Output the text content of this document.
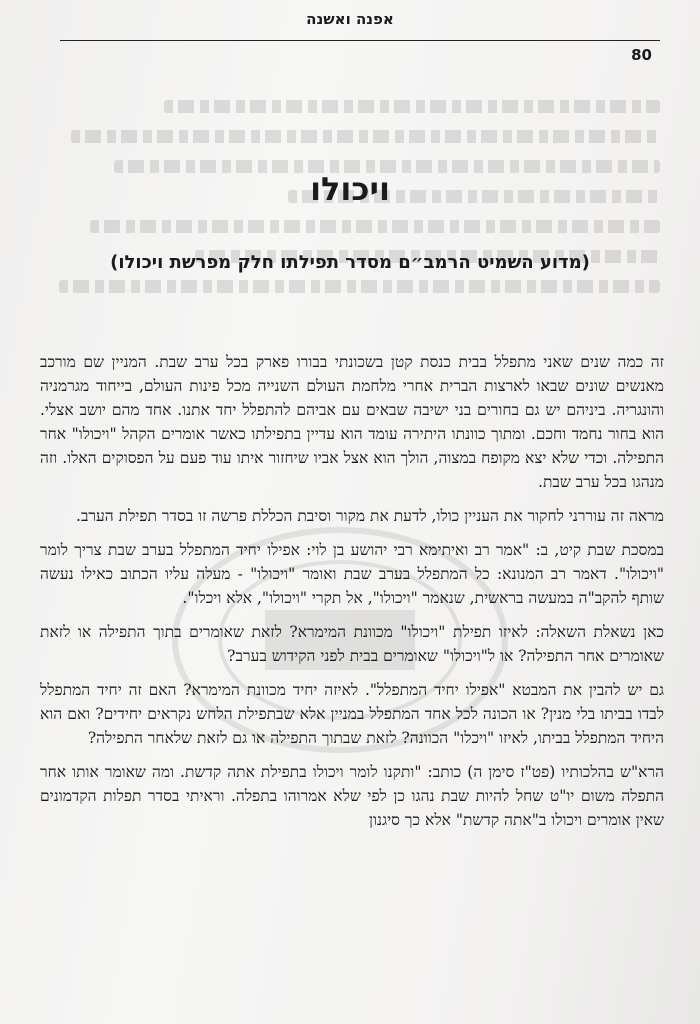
אפנה ואשנה
80
ויכולו
(מדוע השמיט הרמב״ם מסדר תפילתו חלק מפרשת ויכולו)

זה כמה שנים שאני מתפלל בבית כנסת קטן בשכונתי בבורו פארק בכל ערב שבת. המניין שם מורכב מאנשים שונים שבאו לארצות הברית אחרי מלחמת העולם השנייה מכל פינות העולם, בייחוד מגרמניה והונגריה. ביניהם יש גם בחורים בני ישיבה שבאים עם אביהם להתפלל יחד אתנו. אחד מהם יושב אצלי. הוא בחור נחמד וחכם. ומתוך כוונתו היתירה עומד הוא עדיין בתפילתו כאשר אומרים הקהל "ויכולו" אחר התפילה. וכדי שלא יצא מקופח במצוה, הולך הוא אצל אביו שיחזור איתו עוד פעם על הפסוקים האלו. וזה מנהגו בכל ערב שבת.

מראה זה עוררני לחקור את העניין כולו, לדעת את מקור וסיבת הכללת פרשה זו בסדר תפילת הערב.

במסכת שבת קיט, ב: "אמר רב ואיתימא רבי יהושע בן לוי: אפילו יחיד המתפלל בערב שבת צריך לומר "ויכולו". דאמר רב המנונא: כל המתפלל בערב שבת ואומר "ויכולו" - מעלה עליו הכתוב כאילו נעשה שותף להקב"ה במעשה בראשית, שנאמר "ויכולו", אל תקרי "ויכולו", אלא ויכלו".

כאן נשאלת השאלה: לאיזו תפילת "ויכולו" מכוונת המימרא? לזאת שאומרים בתוך התפילה או לזאת שאומרים אחר התפילה? או ל"ויכולו" שאומרים בבית לפני הקידוש בערב?

גם יש להבין את המבטא "אפילו יחיד המתפלל". לאיזה יחיד מכוונת המימרא? האם זה יחיד המתפלל לבדו בביתו בלי מנין? או הכונה לכל אחד המתפלל במניין אלא שבתפילת הלחש נקראים יחידים? ואם הוא היחיד המתפלל בביתו, לאיזו "ויכלו" הכוונה? לזאת שבתוך התפילה או גם לזאת שלאחר התפילה?

הרא"ש בהלכותיו (פט"ז סימן ה) כותב: "ותקנו לומר ויכולו בתפילת אתה קדשת. ומה שאומר אותו אחר התפלה משום יו"ט שחל להיות שבת נהגו כן לפי שלא אמרוהו בתפלה. וראיתי בסדר תפלות הקדמונים שאין אומרים ויכולו ב"אתה קדשת" אלא כך סיגנון
